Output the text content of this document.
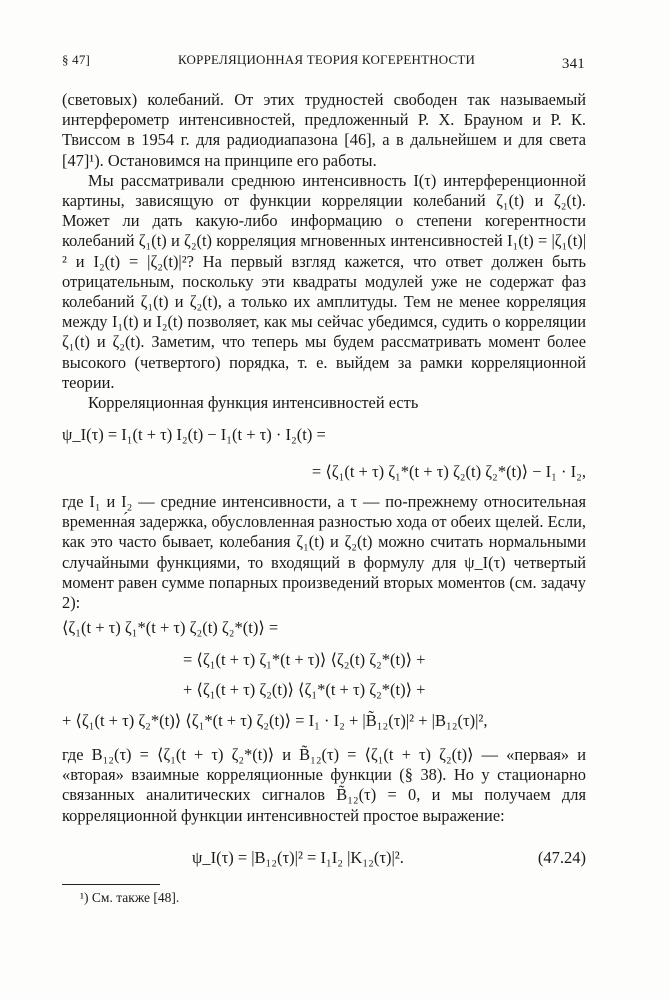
§ 47]	КОРРЕЛЯЦИОННАЯ ТЕОРИЯ КОГЕРЕНТНОСТИ	341

(световых) колебаний. От этих трудностей свободен так называемый интерферометр интенсивностей, предложенный Р. X. Брауном и Р. К. Твиссом в 1954 г. для радиодиапазона [46], а в дальнейшем и для света [47]¹). Остановимся на принципе его работы.

Мы рассматривали среднюю интенсивность I(τ) интерференционной картины, зависящую от функции корреляции колебаний ζ₁(t) и ζ₂(t). Может ли дать какую-либо информацию о степени когерентности колебаний ζ₁(t) и ζ₂(t) корреляция мгновенных интенсивностей I₁(t) = |ζ₁(t)|² и I₂(t) = |ζ₂(t)|²? На первый взгляд кажется, что ответ должен быть отрицательным, поскольку эти квадраты модулей уже не содержат фаз колебаний ζ₁(t) и ζ₂(t), а только их амплитуды. Тем не менее корреляция между I₁(t) и I₂(t) позволяет, как мы сейчас убедимся, судить о корреляции ζ₁(t) и ζ₂(t). Заметим, что теперь мы будем рассматривать момент более высокого (четвертого) порядка, т. е. выйдем за рамки корреляционной теории.

Корреляционная функция интенсивностей есть

ψ_I(τ) = I₁(t + τ) I₂(t) − I₁(t + τ) · I₂(t) =
= ⟨ζ₁(t + τ) ζ₁*(t + τ) ζ₂(t) ζ₂*(t)⟩ − I₁ · I₂,

где I₁ и I₂ — средние интенсивности, а τ — по-прежнему относительная временна́я задержка, обусловленная разностью хода от обеих щелей. Если, как это часто бывает, колебания ζ₁(t) и ζ₂(t) можно считать нормальными случайными функциями, то входящий в формулу для ψ_I(τ) четвертый момент равен сумме попарных произведений вторых моментов (см. задачу 2):

⟨ζ₁(t + τ) ζ₁*(t + τ) ζ₂(t) ζ₂*(t)⟩ =
= ⟨ζ₁(t + τ) ζ₁*(t + τ)⟩ ⟨ζ₂(t) ζ₂*(t)⟩ +
+ ⟨ζ₁(t + τ) ζ₂(t)⟩ ⟨ζ₁*(t + τ) ζ₂*(t)⟩ +
+ ⟨ζ₁(t + τ) ζ₂*(t)⟩ ⟨ζ₁*(t + τ) ζ₂(t)⟩ = I₁ · I₂ + |B̃₁₂(τ)|² + |B₁₂(τ)|²,

где B₁₂(τ) = ⟨ζ₁(t + τ) ζ₂*(t)⟩ и B̃₁₂(τ) = ⟨ζ₁(t + τ) ζ₂(t)⟩ — «первая» и «вторая» взаимные корреляционные функции (§ 38). Но у стационарно связанных аналитических сигналов B̃₁₂(τ) = 0, и мы получаем для корреляционной функции интенсивностей простое выражение:

ψ_I(τ) = |B₁₂(τ)|² = I₁I₂ |K₁₂(τ)|².	(47.24)
¹) См. также [48].
